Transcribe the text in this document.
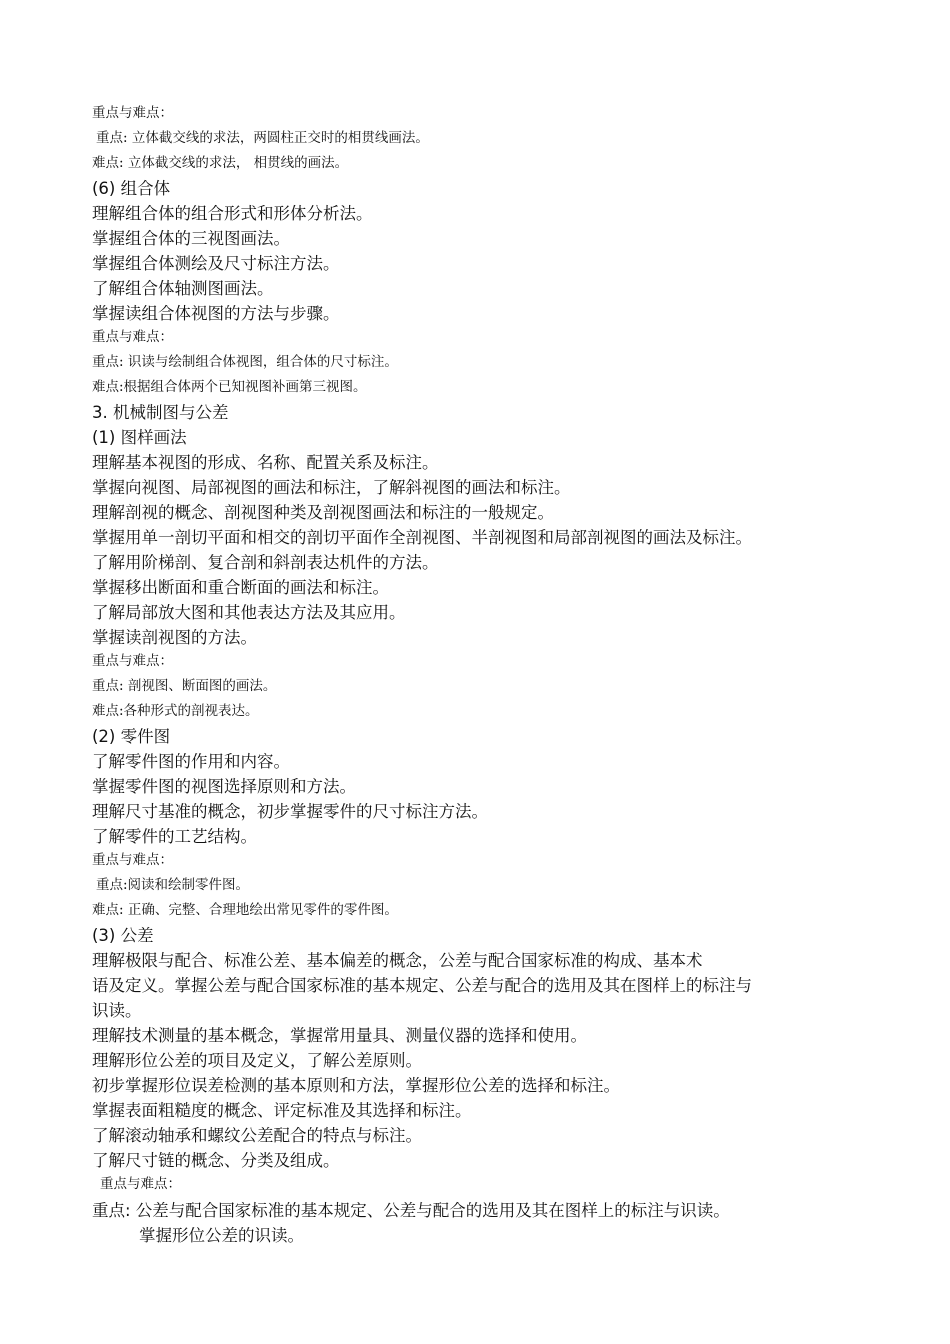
重点与难点：
重点: 立体截交线的求法，两圆柱正交时的相贯线画法。
难点: 立体截交线的求法， 相贯线的画法。
(6) 组合体
理解组合体的组合形式和形体分析法。
掌握组合体的三视图画法。
掌握组合体测绘及尺寸标注方法。
了解组合体轴测图画法。
掌握读组合体视图的方法与步骤。
重点与难点：
重点: 识读与绘制组合体视图，组合体的尺寸标注。
难点:根据组合体两个已知视图补画第三视图。
3. 机械制图与公差
(1) 图样画法
理解基本视图的形成、名称、配置关系及标注。
掌握向视图、局部视图的画法和标注，了解斜视图的画法和标注。
理解剖视的概念、剖视图种类及剖视图画法和标注的一般规定。
掌握用单一剖切平面和相交的剖切平面作全剖视图、半剖视图和局部剖视图的画法及标注。
了解用阶梯剖、复合剖和斜剖表达机件的方法。
掌握移出断面和重合断面的画法和标注。
了解局部放大图和其他表达方法及其应用。
掌握读剖视图的方法。
重点与难点：
重点: 剖视图、断面图的画法。
难点:各种形式的剖视表达。
(2) 零件图
了解零件图的作用和内容。
掌握零件图的视图选择原则和方法。
理解尺寸基准的概念，初步掌握零件的尺寸标注方法。
了解零件的工艺结构。
重点与难点：
重点:阅读和绘制零件图。
难点: 正确、完整、合理地绘出常见零件的零件图。
(3) 公差
理解极限与配合、标准公差、基本偏差的概念，公差与配合国家标准的构成、基本术
语及定义。掌握公差与配合国家标准的基本规定、公差与配合的选用及其在图样上的标注与
识读。
理解技术测量的基本概念，掌握常用量具、测量仪器的选择和使用。
理解形位公差的项目及定义，了解公差原则。
初步掌握形位误差检测的基本原则和方法，掌握形位公差的选择和标注。
掌握表面粗糙度的概念、评定标准及其选择和标注。
了解滚动轴承和螺纹公差配合的特点与标注。
了解尺寸链的概念、分类及组成。
重点与难点：
重点: 公差与配合国家标准的基本规定、公差与配合的选用及其在图样上的标注与识读。
掌握形位公差的识读。
